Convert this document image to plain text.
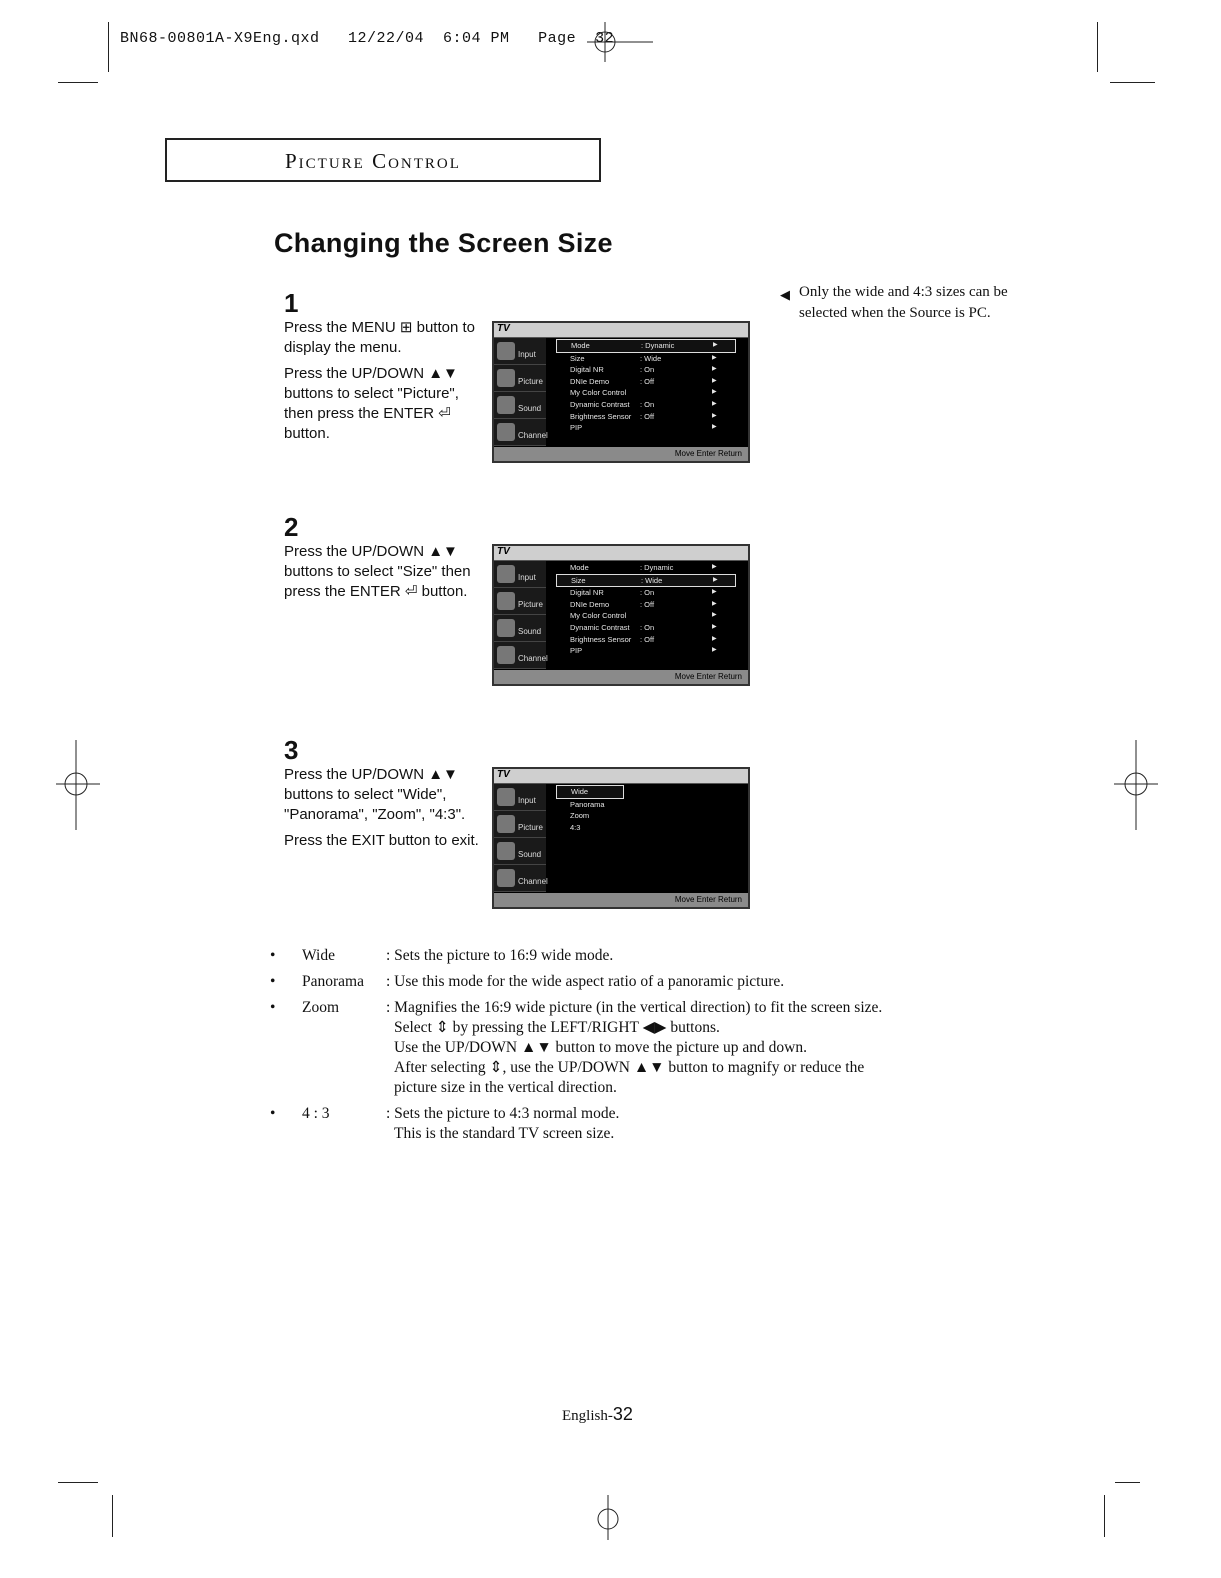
BN68-00801A-X9Eng.qxd   12/22/04  6:04 PM   Page  32
Picture Control
Changing the Screen Size
◀ Only the wide and 4:3 sizes can be selected when the Source is PC.
1

Press the MENU ⊞ button to display the menu.

Press the UP/DOWN ▲▼ buttons to select "Picture", then press the ENTER ⏎ button.

TV
Input
Picture
Sound
Channel
Mode	: Dynamic	▶
Size	: Wide	▶
Digital NR	: On	▶
DNIe Demo	: Off	▶
My Color Control	▶
Dynamic Contrast : On	▶
Brightness Sensor : Off	▶
PIP	▶
Move Enter Return
2

Press the UP/DOWN ▲▼ buttons to select "Size" then press the ENTER ⏎ button.

TV
Input
Picture
Sound
Channel
Mode	: Dynamic	▶
Size	: Wide	▶
Digital NR	: On	▶
DNIe Demo	: Off	▶
My Color Control	▶
Dynamic Contrast : On	▶
Brightness Sensor : Off	▶
PIP	▶
Move Enter Return
3

Press the UP/DOWN ▲▼ buttons to select "Wide", "Panorama", "Zoom", "4:3".

Press the EXIT button to exit.

TV
Input
Picture
Sound
Channel
Wide
Panorama
Zoom
4:3
Move Enter Return
• Wide	: Sets the picture to 16:9 wide mode.
• Panorama : Use this mode for the wide aspect ratio of a panoramic picture.
• Zoom	: Magnifies the 16:9 wide picture (in the vertical direction) to fit the screen size.
Select ⇕ by pressing the LEFT/RIGHT ◀▶ buttons.
Use the UP/DOWN ▲▼ button to move the picture up and down.
After selecting ⇕, use the UP/DOWN ▲▼ button to magnify or reduce the
picture size in the vertical direction.
• 4 : 3	: Sets the picture to 4:3 normal mode.
This is the standard TV screen size.
English-32
